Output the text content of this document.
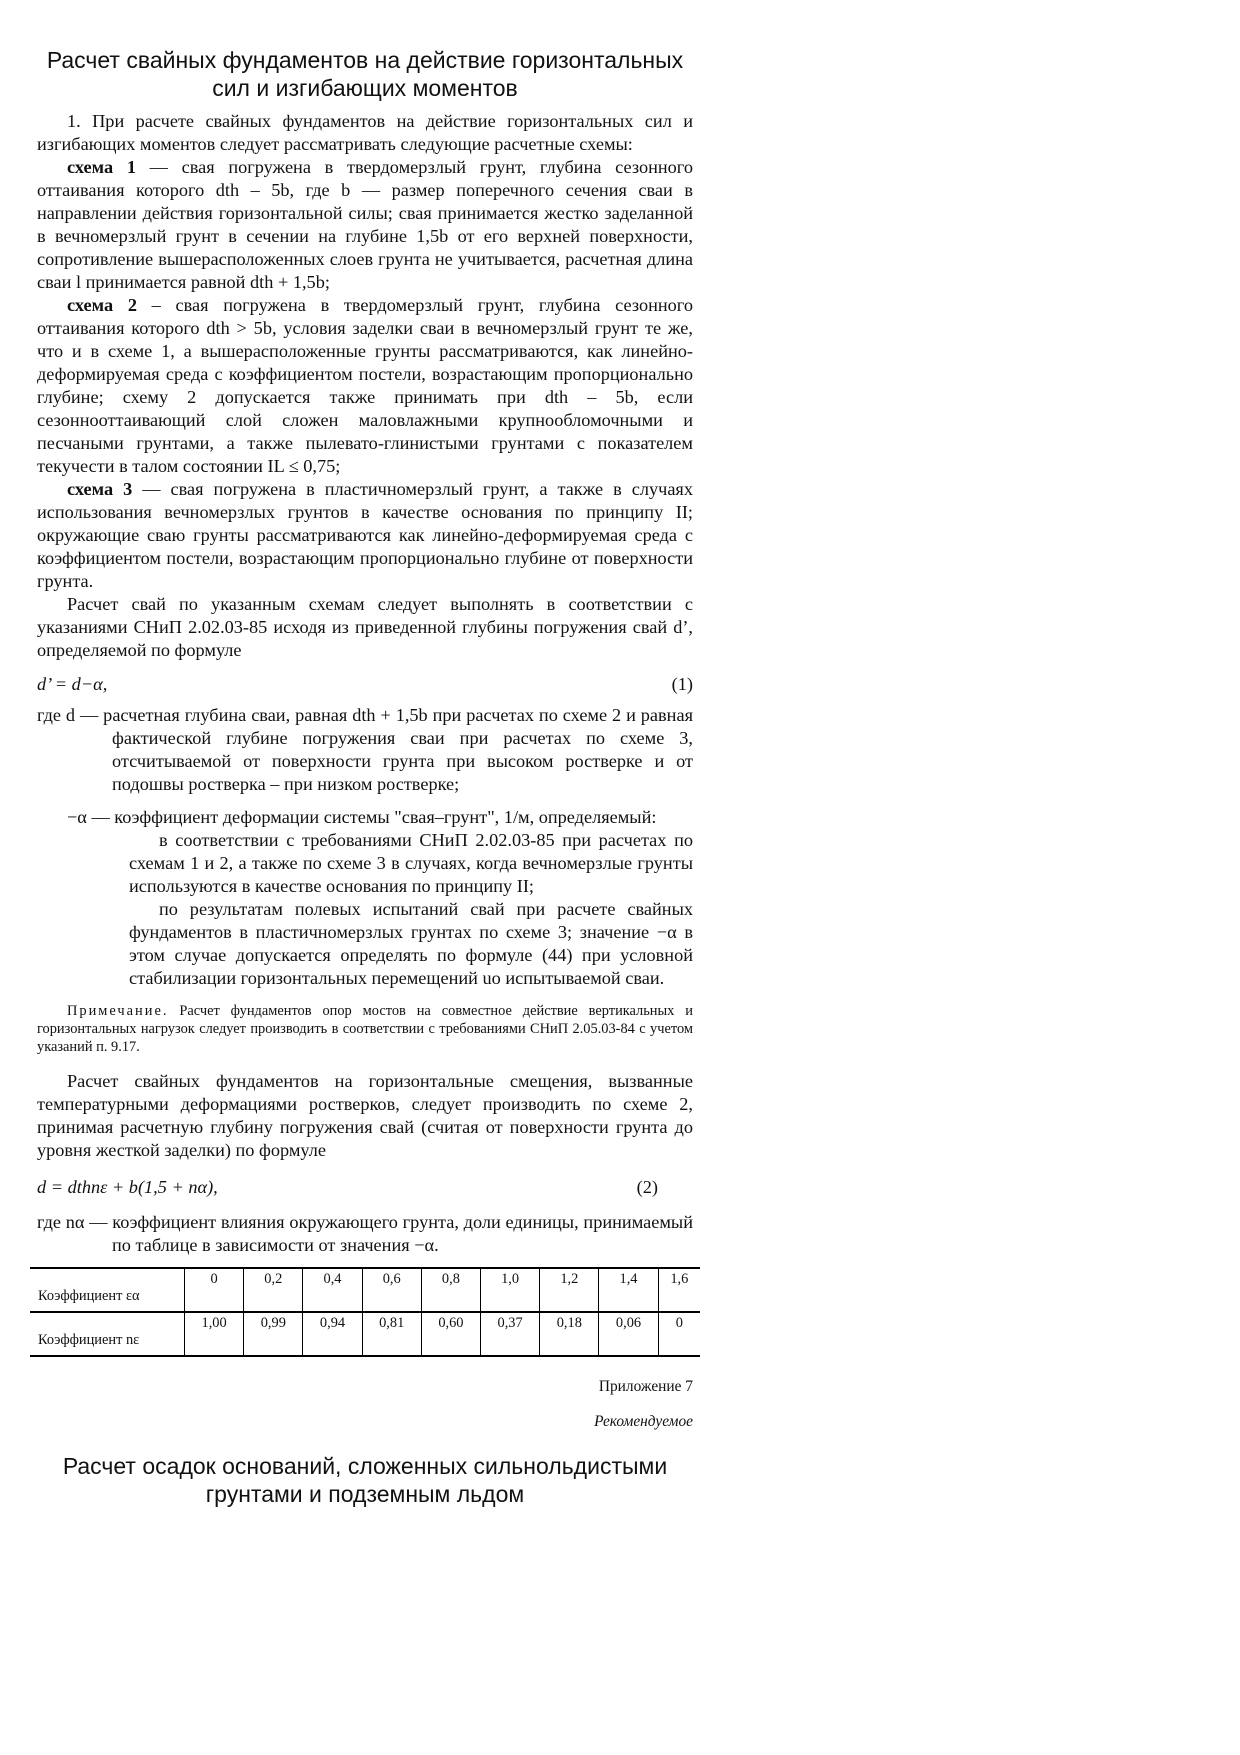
Расчет свайных фундаментов на действие горизонтальных сил и изгибающих моментов

1. При расчете свайных фундаментов на действие горизонтальных сил и изгибающих моментов следует рассматривать следующие расчетные схемы:

схема 1 — свая погружена в твердомерзлый грунт, глубина сезонного оттаивания которого dth – 5b, где b — размер поперечного сечения сваи в направлении действия горизонтальной силы; свая принимается жестко заделанной в вечномерзлый грунт в сечении на глубине 1,5b от его верхней поверхности, сопротивление вышерасположенных слоев грунта не учитывается, расчетная длина сваи l принимается равной dth + 1,5b;

схема 2 – свая погружена в твердомерзлый грунт, глубина сезонного оттаивания которого dth > 5b, условия заделки сваи в вечномерзлый грунт те же, что и в схеме 1, а вышерасположенные грунты рассматриваются, как линейно-деформируемая среда с коэффициентом постели, возрастающим пропорционально глубине; схему 2 допускается также принимать при dth – 5b, если сезоннооттаивающий слой сложен маловлажными крупнообломочными и песчаными грунтами, а также пылевато-глинистыми грунтами с показателем текучести в талом состоянии IL ≤ 0,75;

схема 3 — свая погружена в пластичномерзлый грунт, а также в случаях использования вечномерзлых грунтов в качестве основания по принципу II; окружающие сваю грунты рассматриваются как линейно-деформируемая среда с коэффициентом постели, возрастающим пропорционально глубине от поверхности грунта.

Расчет свай по указанным схемам следует выполнять в соответствии с указаниями СНиП 2.02.03-85 исходя из приведенной глубины погружения свай d’, определяемой по формуле

d’ = d−α,	(1)

где d — расчетная глубина сваи, равная dth + 1,5b при расчетах по схеме 2 и равная фактической глубине погружения сваи при расчетах по схеме 3, отсчитываемой от поверхности грунта при высоком ростверке и от подошвы ростверка – при низком ростверке;

−α — коэффициент деформации системы "свая–грунт", 1/м, определяемый:

в соответствии с требованиями СНиП 2.02.03-85 при расчетах по схемам 1 и 2, а также по схеме 3 в случаях, когда вечномерзлые грунты используются в качестве основания по принципу II;

по результатам полевых испытаний свай при расчете свайных фундаментов в пластичномерзлых грунтах по схеме 3; значение −α в этом случае допускается определять по формуле (44) при условной стабилизации горизонтальных перемещений uo испытываемой сваи.

Примечание. Расчет фундаментов опор мостов на совместное действие вертикальных и горизонтальных нагрузок следует производить в соответствии с требованиями СНиП 2.05.03-84 с учетом указаний п. 9.17.

Расчет свайных фундаментов на горизонтальные смещения, вызванные температурными деформациями ростверков, следует производить по схеме 2, принимая расчетную глубину погружения свай (считая от поверхности грунта до уровня жесткой заделки) по формуле

d = dthnε + b(1,5 + nα),	(2)

где nα — коэффициент влияния окружающего грунта, доли единицы, принимаемый по таблице в зависимости от значения −α.

Коэффициент εα	0	0,2	0,4	0,6	0,8	1,0	1,2	1,4	1,6
Коэффициент nε	1,00	0,99	0,94	0,81	0,60	0,37	0,18	0,06	0

Приложение 7

Рекомендуемое

Расчет осадок оснований, сложенных сильнольдистыми грунтами и подземным льдом
